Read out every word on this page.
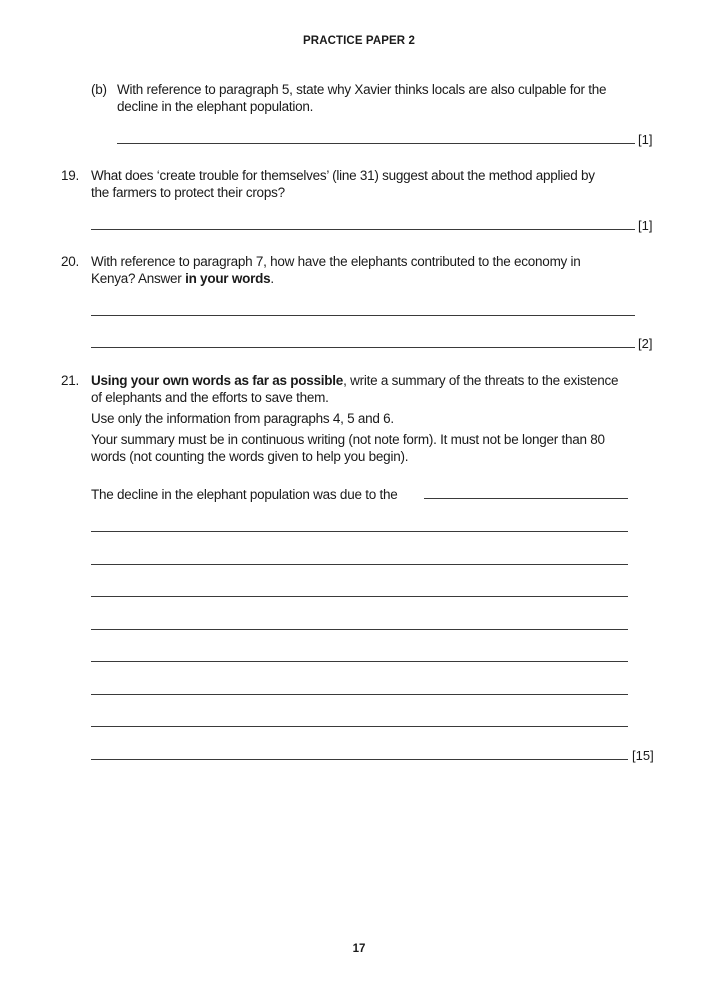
PRACTICE PAPER 2
(b) With reference to paragraph 5, state why Xavier thinks locals are also culpable for the
decline in the elephant population.
[1]
19. What does ‘create trouble for themselves’ (line 31) suggest about the method applied by
the farmers to protect their crops?
[1]
20. With reference to paragraph 7, how have the elephants contributed to the economy in
Kenya? Answer in your words.
[2]
21. Using your own words as far as possible, write a summary of the threats to the existence
of elephants and the efforts to save them.
Use only the information from paragraphs 4, 5 and 6.
Your summary must be in continuous writing (not note form). It must not be longer than 80
words (not counting the words given to help you begin).
The decline in the elephant population was due to the
[15]
17
